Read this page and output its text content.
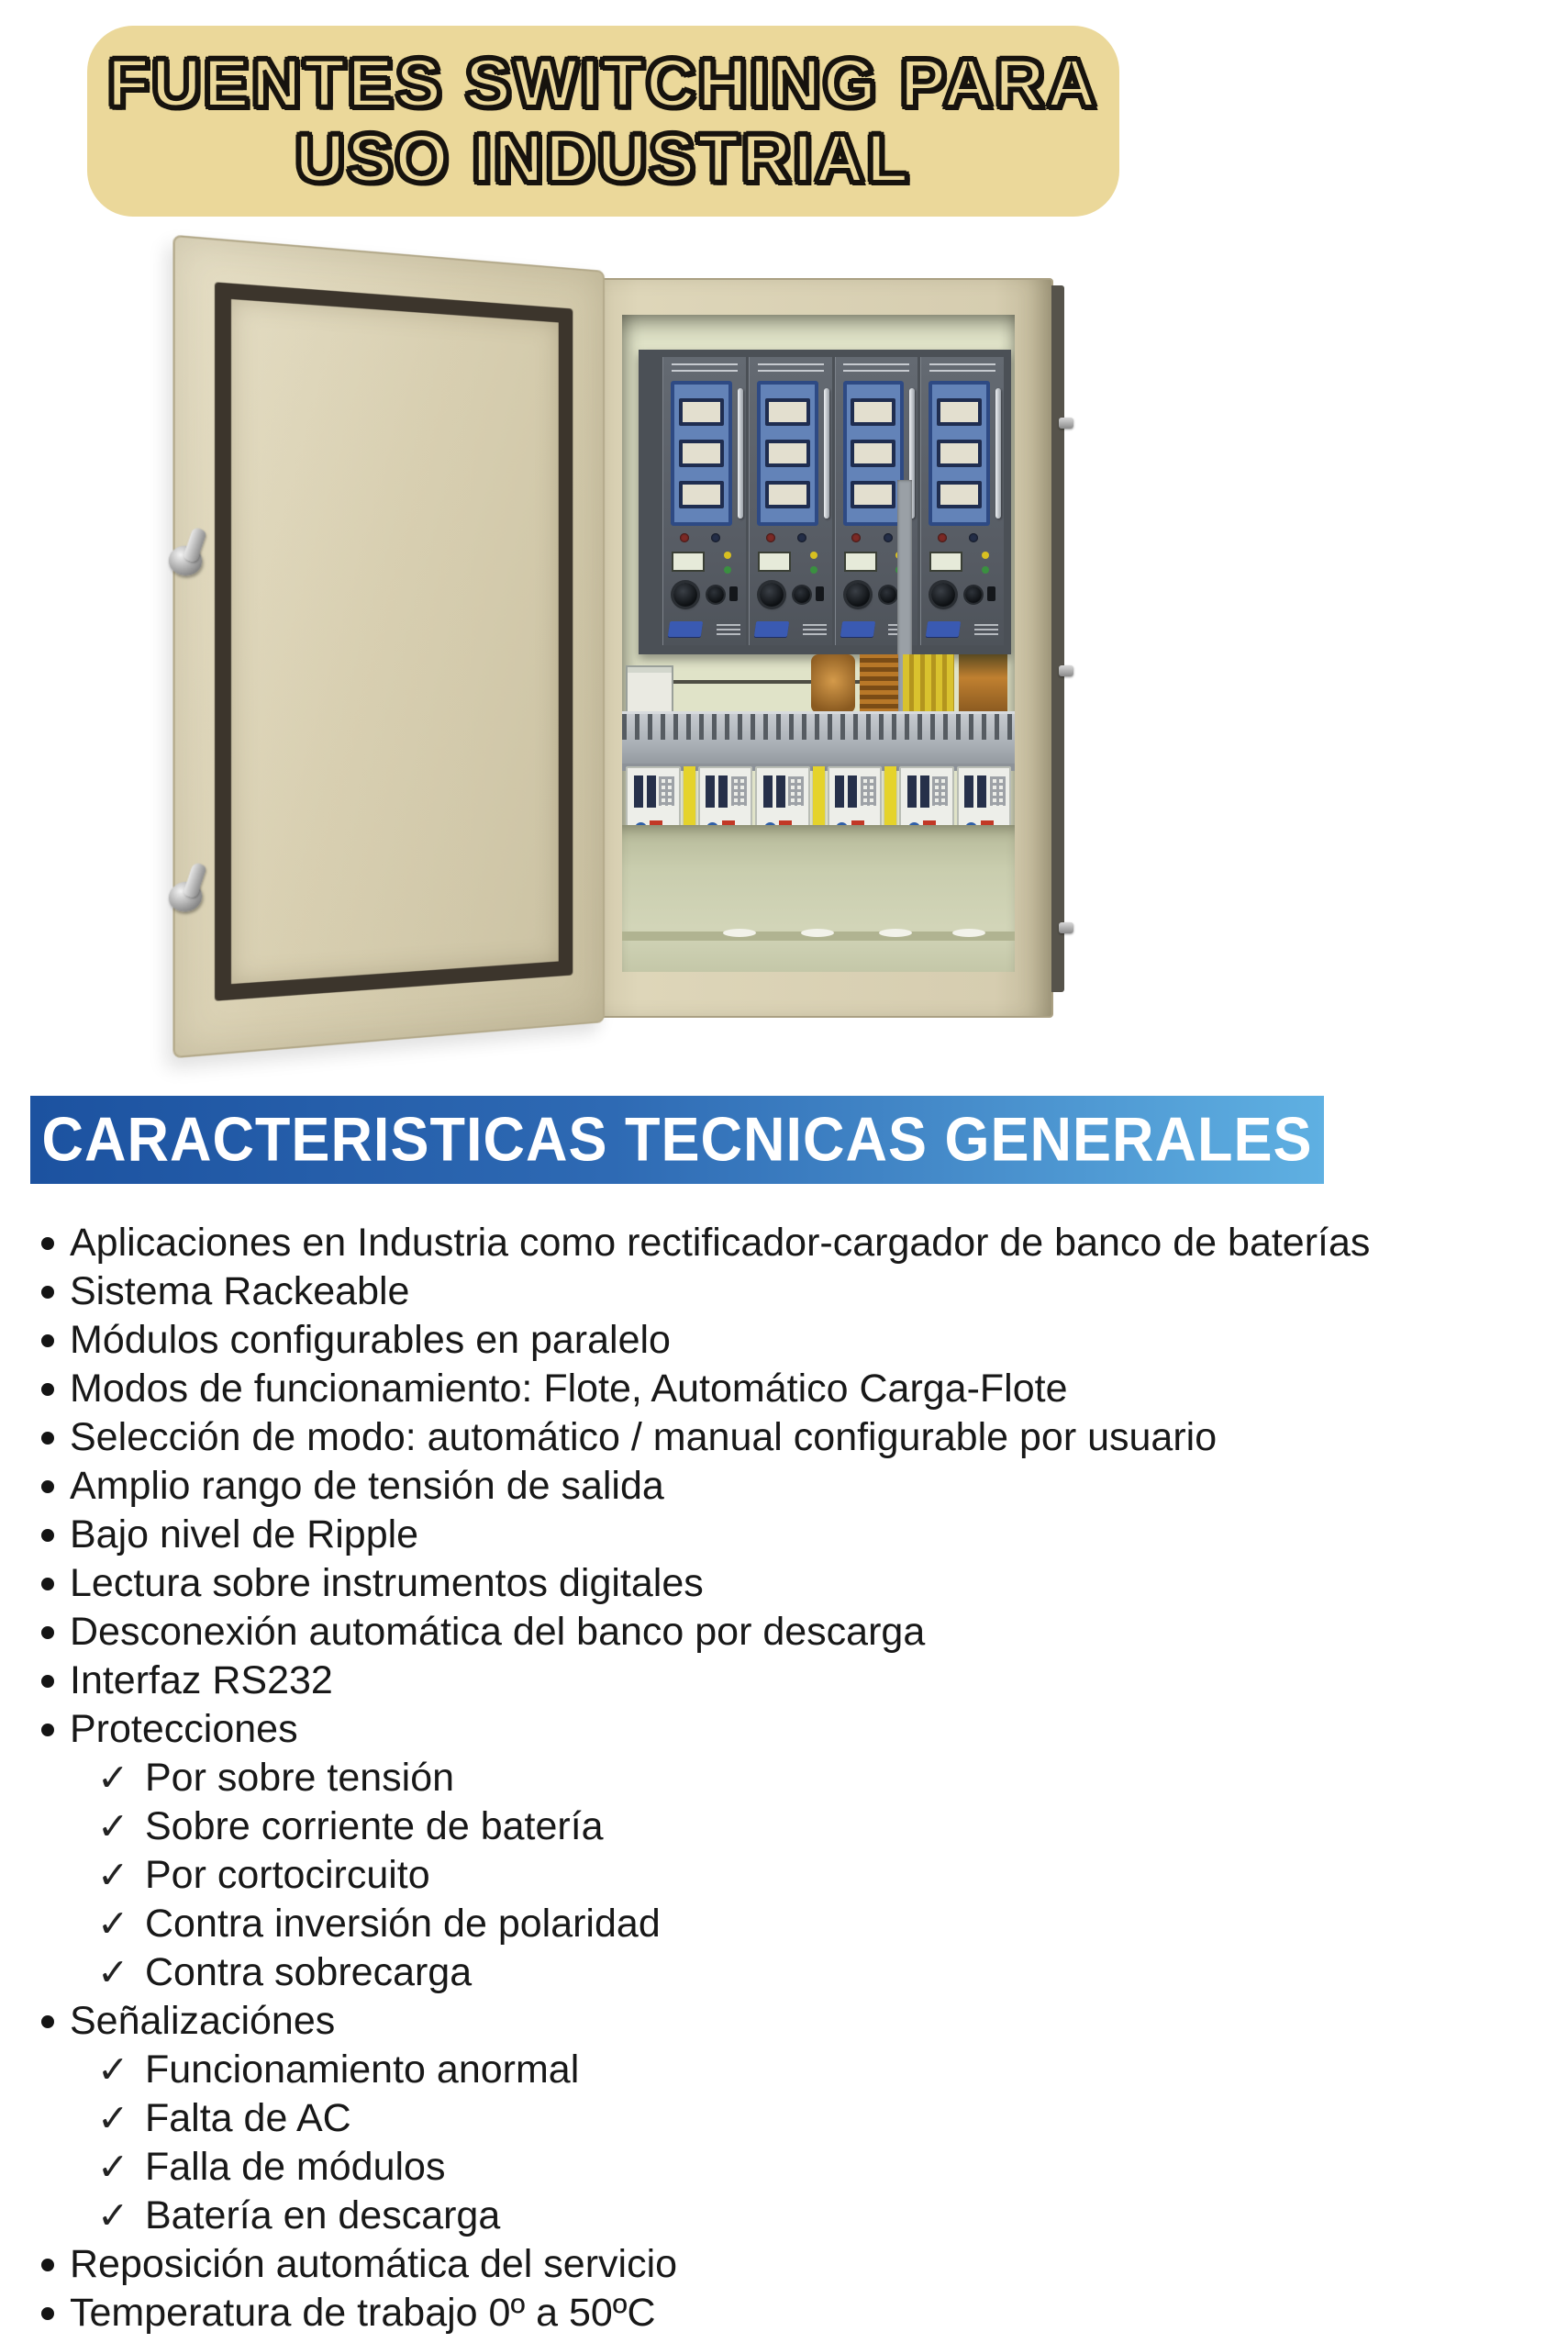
FUENTES SWITCHING PARA
USO INDUSTRIAL
CARACTERISTICAS TECNICAS GENERALES
Aplicaciones en Industria como rectificador-cargador de banco de baterías
Sistema Rackeable
Módulos configurables en paralelo
Modos de funcionamiento: Flote, Automático Carga-Flote
Selección de modo: automático / manual configurable por usuario
Amplio rango de tensión de salida
Bajo nivel de Ripple
Lectura sobre instrumentos digitales
Desconexión automática del banco por descarga
Interfaz RS232
Protecciones
✓ Por sobre tensión
✓ Sobre corriente de batería
✓ Por cortocircuito
✓ Contra inversión de polaridad
✓ Contra sobrecarga
Señalizaciónes
✓ Funcionamiento anormal
✓ Falta de AC
✓ Falla de módulos
✓ Batería en descarga
Reposición automática del servicio
Temperatura de trabajo 0º a 50ºC
